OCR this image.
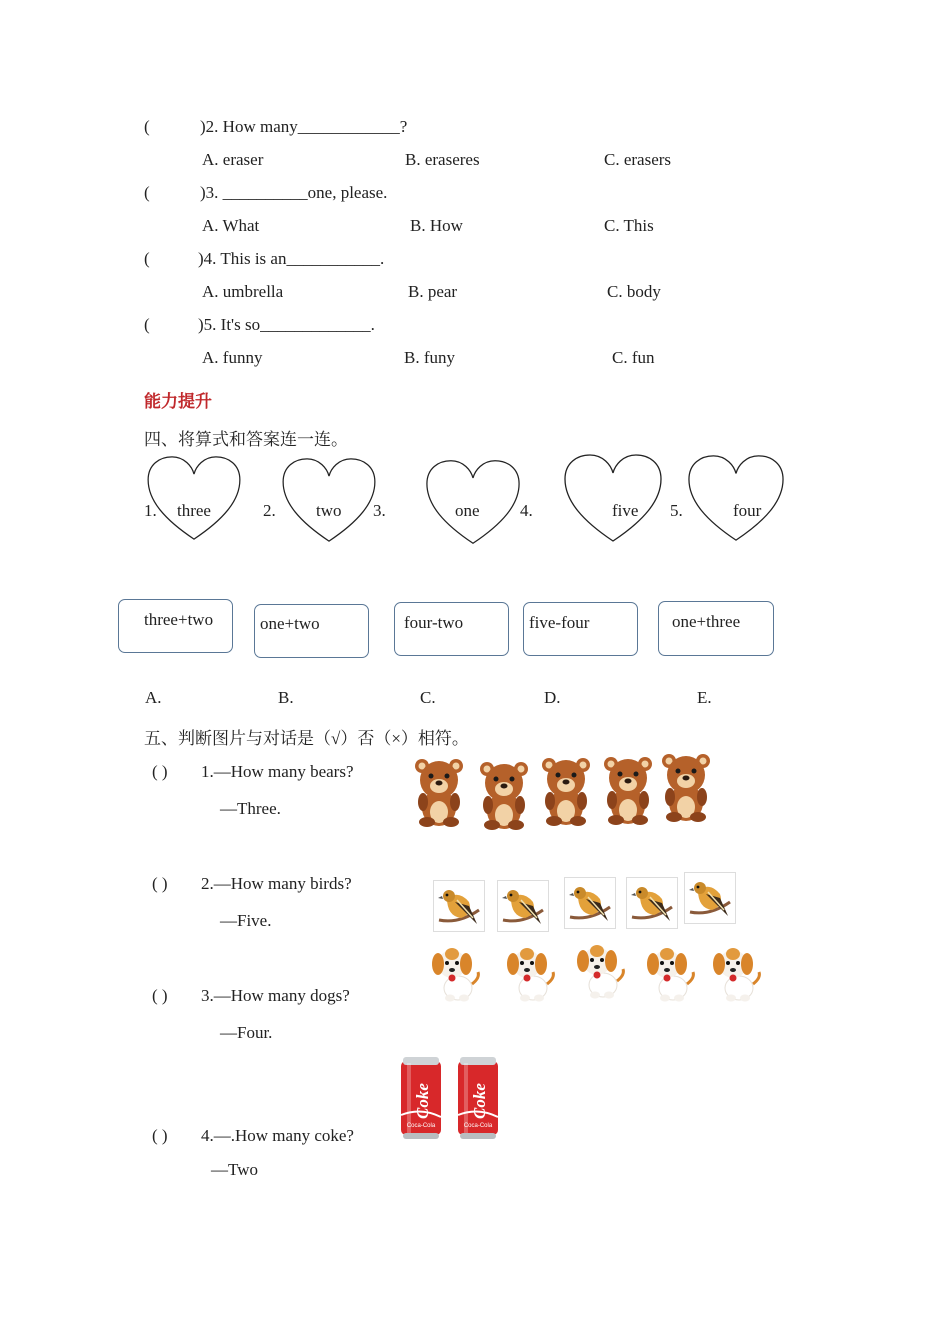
(	)2. How many____________?
A. eraser	B. eraseres	C. erasers
(	)3. __________one, please.
A. What	B. How	C. This
(	)4. This is an___________.
A. umbrella	B. pear	C. body
(	)5. It's so_____________.
A. funny	B. funy	C. fun
能力提升
四、将算式和答案连一连。
1. three	2. two 3.	one 4.	five 5.	four
three+two	one+two	four-two	five-four	one+three
A.	B.	C.	D.	E.
五、判断图片与对话是（√）否（×）相符。
( ) 1.—How many bears?
—Three.
( ) 2.—How many birds?
—Five.
( ) 3.—How many dogs?
—Four.
( ) 4.—.How many coke?
—Two
Coke
Coca-Cola
Coke
Coca-Cola
